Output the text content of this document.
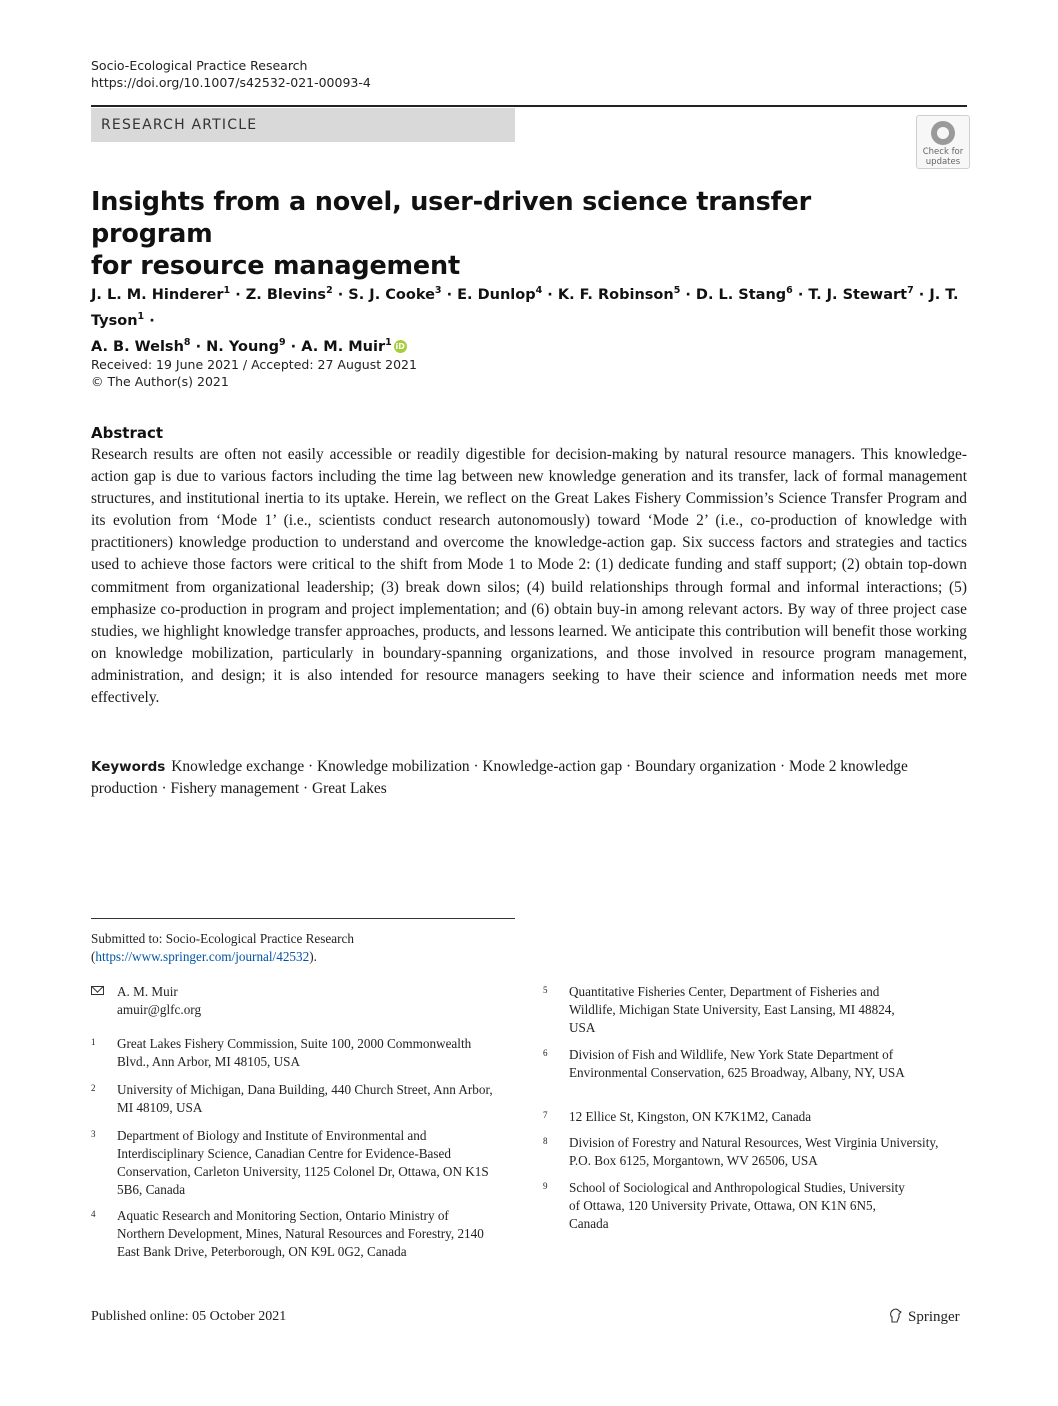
Socio-Ecological Practice Research
https://doi.org/10.1007/s42532-021-00093-4
RESEARCH ARTICLE
Check for
updates
Insights from a novel, user-driven science transfer program
for resource management
J. L. M. Hinderer$^1$ · Z. Blevins$^2$ · S. J. Cooke$^3$ · E. Dunlop$^4$ · K. F. Robinson$^5$ · D. L. Stang$^6$ · T. J. Stewart$^7$ · J. T. Tyson$^1$ ·
A. B. Welsh$^8$ · N. Young$^9$ · A. M. Muir$^1$ iD
Received: 19 June 2021 / Accepted: 27 August 2021
© The Author(s) 2021
Abstract
Research results are often not easily accessible or readily digestible for decision-making by natural resource managers. This knowledge-action gap is due to various factors including the time lag between new knowledge generation and its transfer, lack of formal management structures, and institutional inertia to its uptake. Herein, we reflect on the Great Lakes Fishery Commission’s Science Transfer Program and its evolution from ‘Mode 1’ (i.e., scientists conduct research autonomously) toward ‘Mode 2’ (i.e., co-production of knowledge with practitioners) knowledge production to understand and overcome the knowledge-action gap. Six success factors and strategies and tactics used to achieve those factors were critical to the shift from Mode 1 to Mode 2: (1) dedicate funding and staff support; (2) obtain top-down commitment from organizational leadership; (3) break down silos; (4) build relationships through formal and informal interactions; (5) emphasize co-production in program and project implementation; and (6) obtain buy-in among relevant actors. By way of three project case studies, we highlight knowledge transfer approaches, products, and lessons learned. We anticipate this contribution will benefit those working on knowledge mobilization, particularly in boundary-spanning organizations, and those involved in resource program management, administration, and design; it is also intended for resource managers seeking to have their science and information needs met more effectively.
Keywords Knowledge exchange · Knowledge mobilization · Knowledge-action gap · Boundary organization · Mode 2 knowledge production · Fishery management · Great Lakes
Submitted to: Socio-Ecological Practice Research (https://www.springer.com/journal/42532).
A. M. Muir
amuir@glfc.org
1 Great Lakes Fishery Commission, Suite 100, 2000 Commonwealth Blvd., Ann Arbor, MI 48105, USA
2 University of Michigan, Dana Building, 440 Church Street, Ann Arbor, MI 48109, USA
3 Department of Biology and Institute of Environmental and Interdisciplinary Science, Canadian Centre for Evidence-Based Conservation, Carleton University, 1125 Colonel Dr, Ottawa, ON K1S 5B6, Canada
4 Aquatic Research and Monitoring Section, Ontario Ministry of Northern Development, Mines, Natural Resources and Forestry, 2140 East Bank Drive, Peterborough, ON K9L 0G2, Canada
5 Quantitative Fisheries Center, Department of Fisheries and Wildlife, Michigan State University, East Lansing, MI 48824, USA
6 Division of Fish and Wildlife, New York State Department of Environmental Conservation, 625 Broadway, Albany, NY, USA
7 12 Ellice St, Kingston, ON K7K1M2, Canada
8 Division of Forestry and Natural Resources, West Virginia University, P.O. Box 6125, Morgantown, WV 26506, USA
9 School of Sociological and Anthropological Studies, University of Ottawa, 120 University Private, Ottawa, ON K1N 6N5, Canada
Published online: 05 October 2021	Springer
